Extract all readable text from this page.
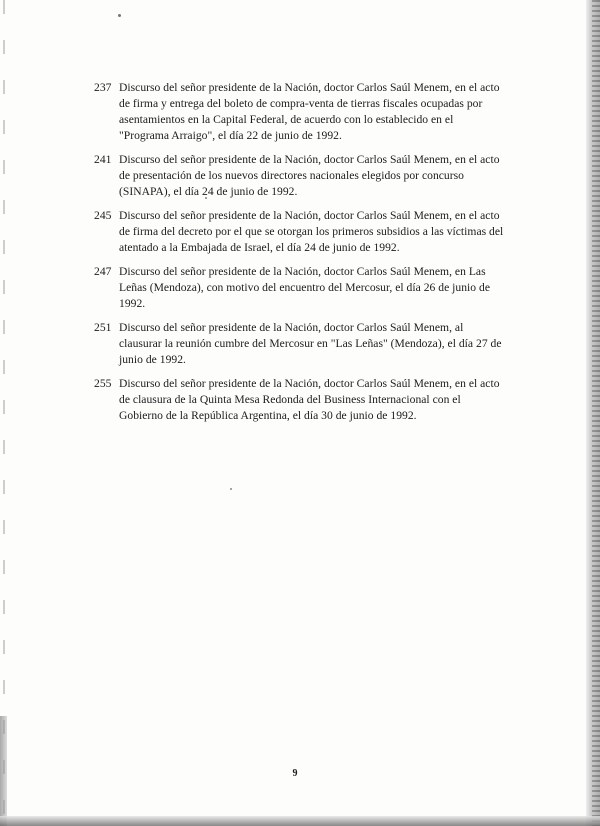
237 Discurso del señor presidente de la Nación, doctor Carlos Saúl Menem, en el acto de firma y entrega del boleto de compra-venta de tierras fiscales ocupadas por asentamientos en la Capital Federal, de acuerdo con lo establecido en el "Programa Arraigo", el día 22 de junio de 1992.
241 Discurso del señor presidente de la Nación, doctor Carlos Saúl Menem, en el acto de presentación de los nuevos directores nacionales elegidos por concurso (SINAPA), el día 24 de junio de 1992.
245 Discurso del señor presidente de la Nación, doctor Carlos Saúl Menem, en el acto de firma del decreto por el que se otorgan los primeros subsidios a las víctimas del atentado a la Embajada de Israel, el día 24 de junio de 1992.
247 Discurso del señor presidente de la Nación, doctor Carlos Saúl Menem, en Las Leñas (Mendoza), con motivo del encuentro del Mercosur, el día 26 de junio de 1992.
251 Discurso del señor presidente de la Nación, doctor Carlos Saúl Menem, al clausurar la reunión cumbre del Mercosur en "Las Leñas" (Mendoza), el día 27 de junio de 1992.
255 Discurso del señor presidente de la Nación, doctor Carlos Saúl Menem, en el acto de clausura de la Quinta Mesa Redonda del Business Internacional con el Gobierno de la República Argentina, el día 30 de junio de 1992.
9
